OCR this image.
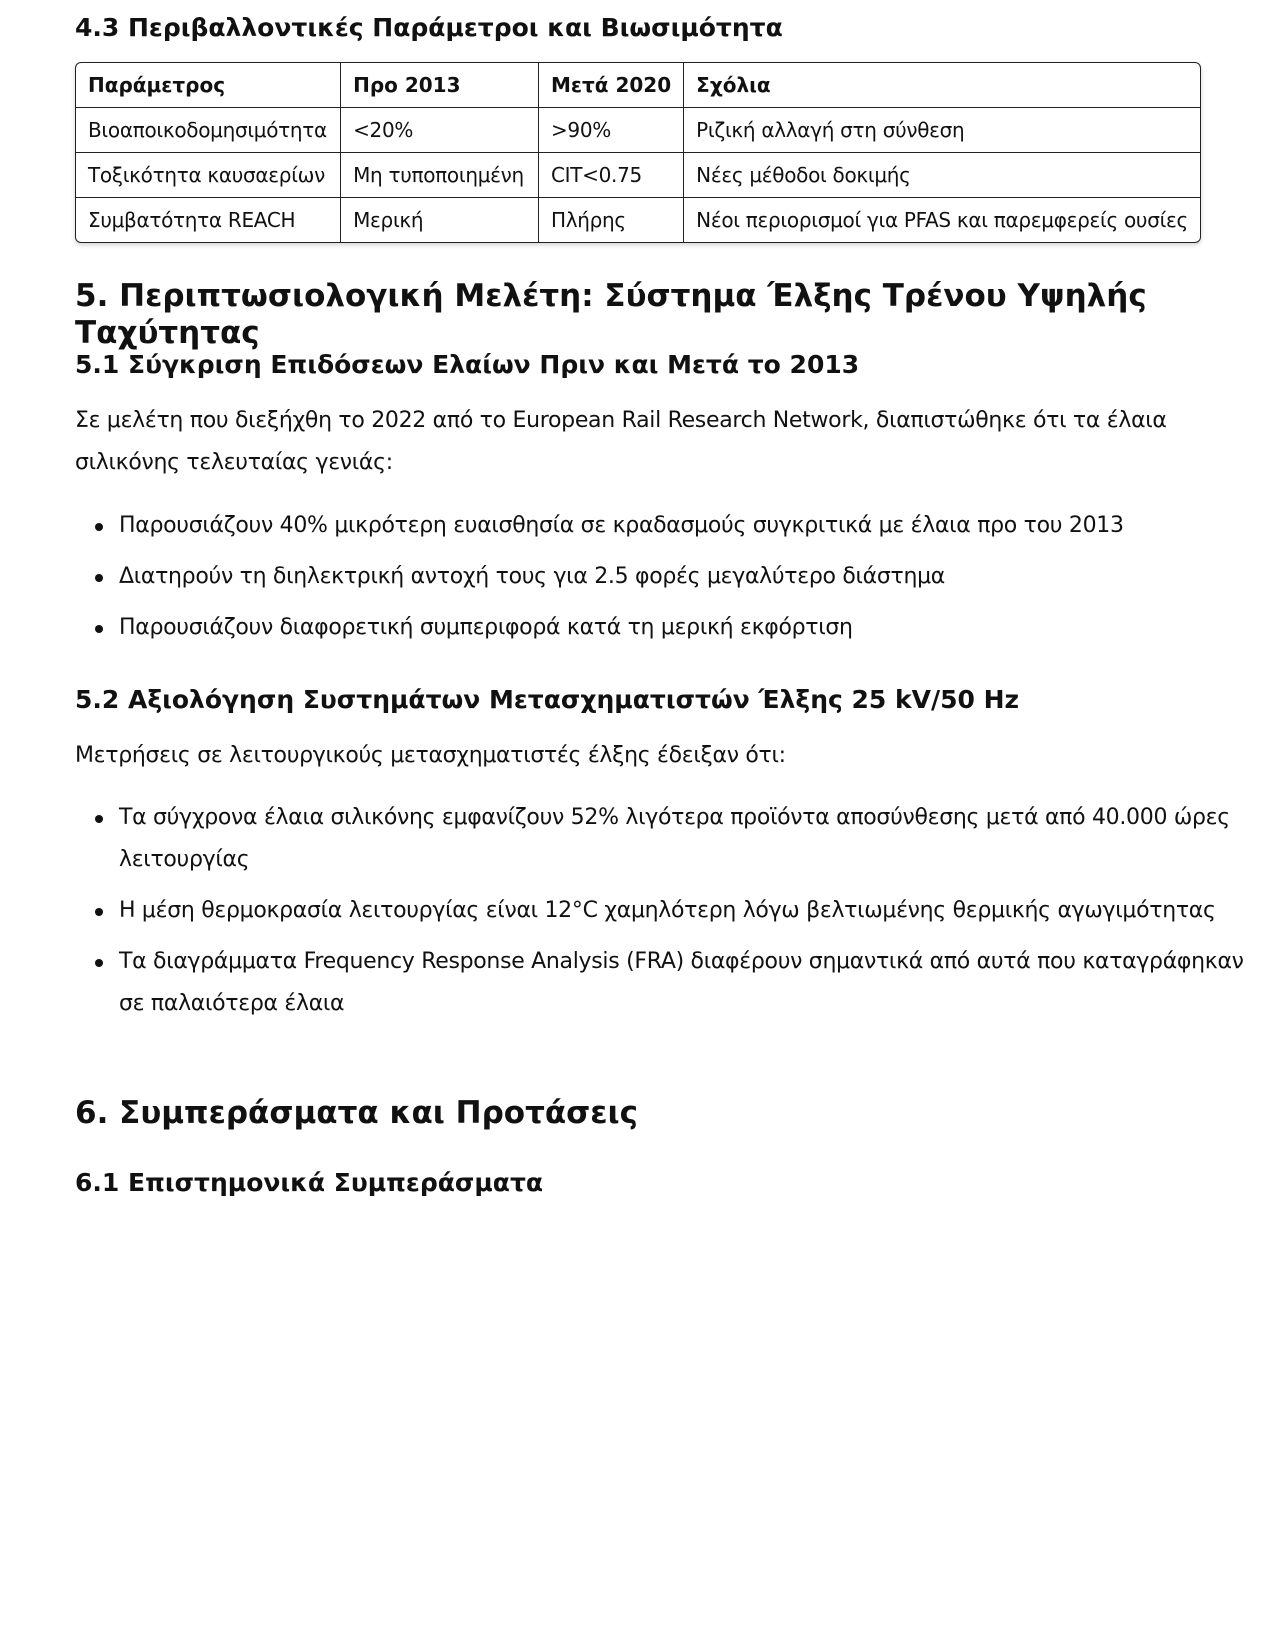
4.3 Περιβαλλοντικές Παράμετροι και Βιωσιμότητα
Παράμετρος	Προ 2013	Μετά 2020	Σχόλια
Βιοαποικοδομησιμότητα	<20%	>90%	Ριζική αλλαγή στη σύνθεση
Τοξικότητα καυσαερίων	Μη τυποποιημένη	CIT<0.75	Νέες μέθοδοι δοκιμής
Συμβατότητα REACH	Μερική	Πλήρης	Νέοι περιορισμοί για PFAS και παρεμφερείς ουσίες
5. Περιπτωσιολογική Μελέτη: Σύστημα Έλξης Τρένου Υψηλής Ταχύτητας
5.1 Σύγκριση Επιδόσεων Ελαίων Πριν και Μετά το 2013

Σε μελέτη που διεξήχθη το 2022 από το European Rail Research Network, διαπιστώθηκε ότι τα έλαια σιλικόνης τελευταίας γενιάς:

Παρουσιάζουν 40% μικρότερη ευαισθησία σε κραδασμούς συγκριτικά με έλαια προ του 2013
Διατηρούν τη διηλεκτρική αντοχή τους για 2.5 φορές μεγαλύτερο διάστημα
Παρουσιάζουν διαφορετική συμπεριφορά κατά τη μερική εκφόρτιση
5.2 Αξιολόγηση Συστημάτων Μετασχηματιστών Έλξης 25 kV/50 Hz

Μετρήσεις σε λειτουργικούς μετασχηματιστές έλξης έδειξαν ότι:

Τα σύγχρονα έλαια σιλικόνης εμφανίζουν 52% λιγότερα προϊόντα αποσύνθεσης μετά από 40.000 ώρες λειτουργίας
Η μέση θερμοκρασία λειτουργίας είναι 12°C χαμηλότερη λόγω βελτιωμένης θερμικής αγωγιμότητας
Τα διαγράμματα Frequency Response Analysis (FRA) διαφέρουν σημαντικά από αυτά που καταγράφηκαν σε παλαιότερα έλαια
6. Συμπεράσματα και Προτάσεις
6.1 Επιστημονικά Συμπεράσματα
